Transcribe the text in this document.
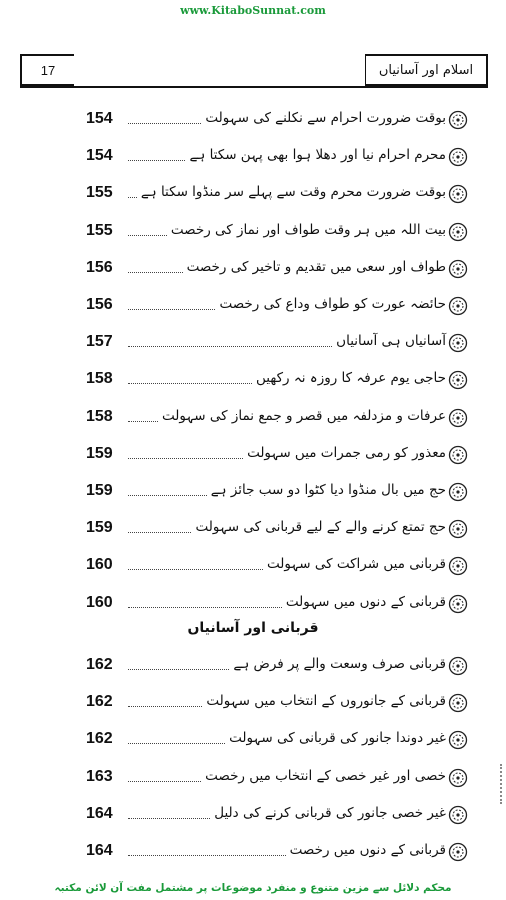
www.KitaboSunnat.com
17	اسلام اور آسانیاں
154	بوقت ضرورت احرام سے نکلنے کی سہولت
154	محرم احرام نیا اور دھلا ہوا بھی پہن سکتا ہے
155	بوقت ضرورت محرم وقت سے پہلے سر منڈوا سکتا ہے
155	بیت اللہ میں ہر وقت طواف اور نماز کی رخصت
156	طواف اور سعی میں تقدیم و تاخیر کی رخصت
156	حائضہ عورت کو طواف وداع کی رخصت
157	آسانیاں ہی آسانیاں
158	حاجی یوم عرفہ کا روزہ نہ رکھیں
158	عرفات و مزدلفہ میں قصر و جمع نماز کی سہولت
159	معذور کو رمی جمرات میں سہولت
159	حج میں بال منڈوا دیا کٹوا دو سب جائز ہے
159	حج تمتع کرنے والے کے لیے قربانی کی سہولت
160	قربانی میں شراکت کی سہولت
160	قربانی کے دنوں میں سہولت
قربانی اور آسانیاں
162	قربانی صرف وسعت والے پر فرض ہے
162	قربانی کے جانوروں کے انتخاب میں سہولت
162	غیر دوندا جانور کی قربانی کی سہولت
163	خصی اور غیر خصی کے انتخاب میں رخصت
164	غیر خصی جانور کی قربانی کرنے کی دلیل
164	قربانی کے دنوں میں رخصت
محکم دلائل سے مزین متنوع و منفرد موضوعات پر مشتمل مفت آن لائن مکتبہ
